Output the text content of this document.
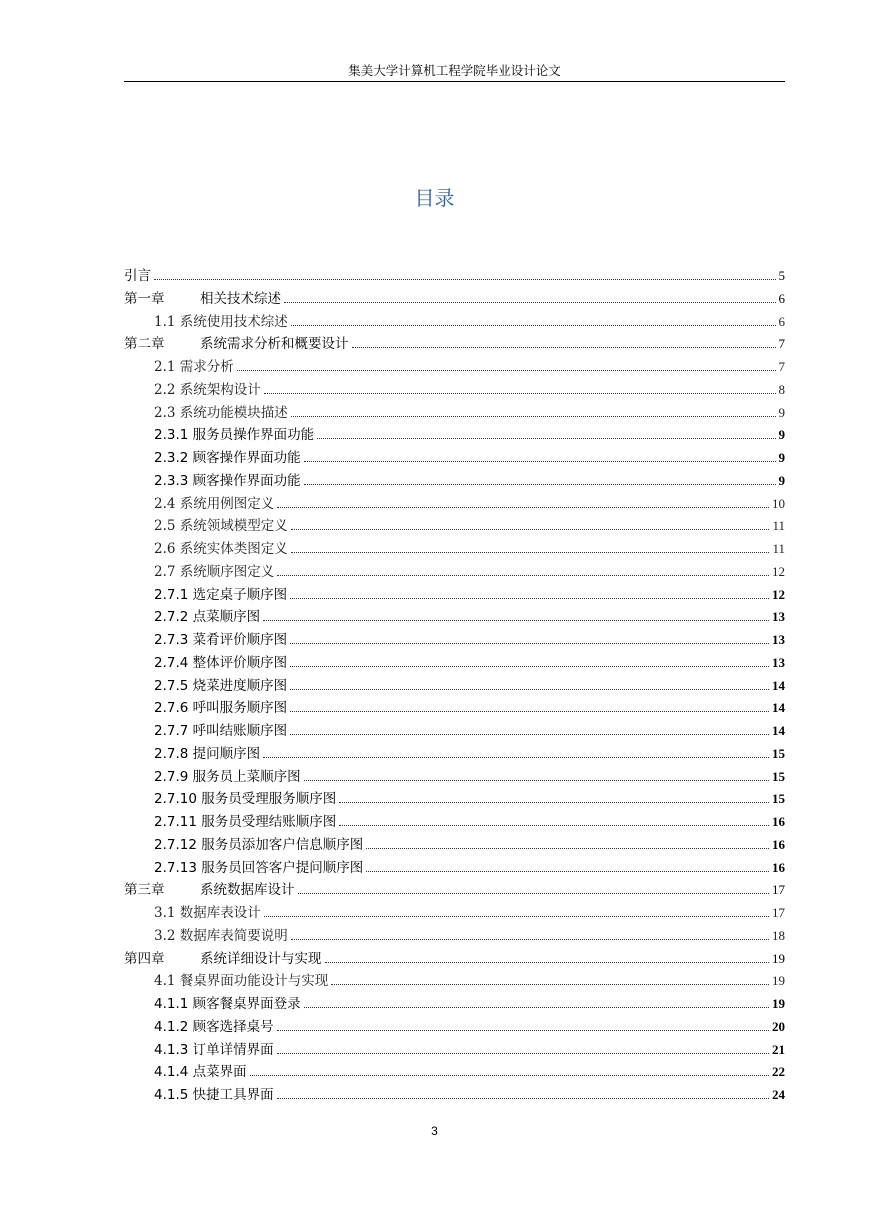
集美大学计算机工程学院毕业设计论文
目录
引言	5
第一章	相关技术综述	6
1.1 系统使用技术综述	6
第二章	系统需求分析和概要设计	7
2.1 需求分析	7
2.2 系统架构设计	8
2.3 系统功能模块描述	9
2.3.1 服务员操作界面功能	9
2.3.2 顾客操作界面功能	9
2.3.3 顾客操作界面功能	9
2.4 系统用例图定义	10
2.5 系统领域模型定义	11
2.6 系统实体类图定义	11
2.7 系统顺序图定义	12
2.7.1 选定桌子顺序图	12
2.7.2 点菜顺序图	13
2.7.3 菜肴评价顺序图	13
2.7.4 整体评价顺序图	13
2.7.5 烧菜进度顺序图	14
2.7.6 呼叫服务顺序图	14
2.7.7 呼叫结账顺序图	14
2.7.8 提问顺序图	15
2.7.9 服务员上菜顺序图	15
2.7.10 服务员受理服务顺序图	15
2.7.11 服务员受理结账顺序图	16
2.7.12 服务员添加客户信息顺序图	16
2.7.13 服务员回答客户提问顺序图	16
第三章	系统数据库设计	17
3.1 数据库表设计	17
3.2 数据库表简要说明	18
第四章	系统详细设计与实现	19
4.1 餐桌界面功能设计与实现	19
4.1.1 顾客餐桌界面登录	19
4.1.2 顾客选择桌号	20
4.1.3 订单详情界面	21
4.1.4 点菜界面	22
4.1.5 快捷工具界面	24
3
